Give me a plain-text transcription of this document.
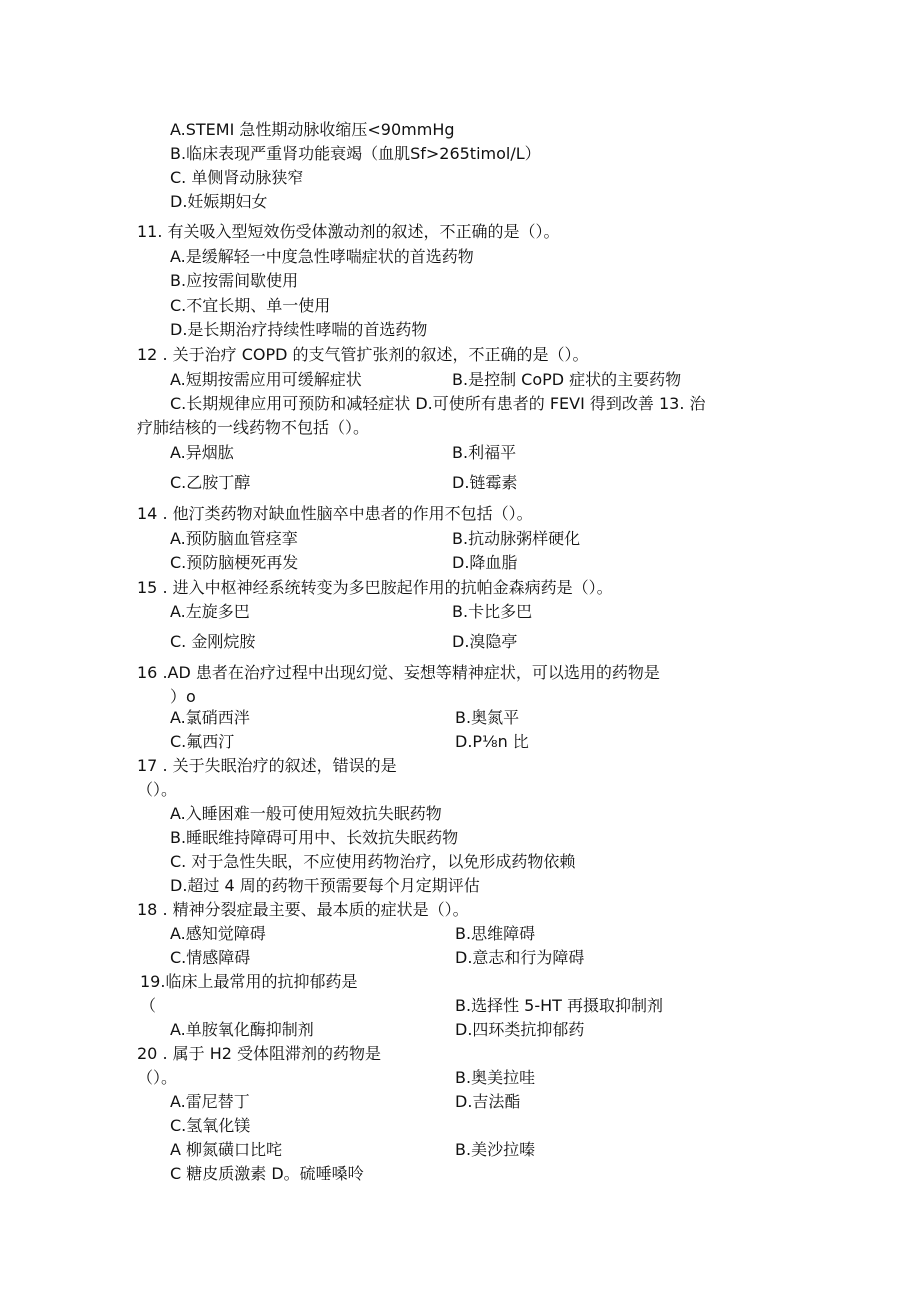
A.STEMI 急性期动脉收缩压<90mmHg
B.临床表现严重肾功能衰竭（血肌Sf>265timol/L）
C. 单侧肾动脉狭窄
D.妊娠期妇女
11. 有关吸入型短效伤受体激动剂的叙述，不正确的是（）。
A.是缓解轻一中度急性哮喘症状的首选药物
B.应按需间歇使用
C.不宜长期、单一使用
D.是长期治疗持续性哮喘的首选药物
12 . 关于治疗 COPD 的支气管扩张剂的叙述，不正确的是（）。
A.短期按需应用可缓解症状	B.是控制 CoPD 症状的主要药物
C.长期规律应用可预防和减轻症状 D.可使所有患者的 FEVI 得到改善 13. 治
疗肺结核的一线药物不包括（）。
A.异烟肱	B.利福平
C.乙胺丁醇	D.链霉素
14 . 他汀类药物对缺血性脑卒中患者的作用不包括（）。
A.预防脑血管痉挛	B.抗动脉粥样硬化
C.预防脑梗死再发	D.降血脂
15 . 进入中枢神经系统转变为多巴胺起作用的抗帕金森病药是（）。
A.左旋多巴	B.卡比多巴
C. 金刚烷胺	D.溴隐亭
16 .AD 患者在治疗过程中出现幻觉、妄想等精神症状，可以选用的药物是
）o
A.氯硝西泮	B.奥氮平
C.氟西汀	D.P⅛n 比
17 . 关于失眠治疗的叙述，错误的是
（）。
A.入睡困难一般可使用短效抗失眠药物
B.睡眠维持障碍可用中、长效抗失眠药物
C. 对于急性失眠，不应使用药物治疗，以免形成药物依赖
D.超过 4 周的药物干预需要每个月定期评估
18 . 精神分裂症最主要、最本质的症状是（）。
A.感知觉障碍	B.思维障碍
C.情感障碍	D.意志和行为障碍
19.临床上最常用的抗抑郁药是
（	B.选择性 5-HT 再摄取抑制剂
A.单胺氧化酶抑制剂	D.四环类抗抑郁药
20 . 属于 H2 受体阻滞剂的药物是
（）。	B.奥美拉哇
A.雷尼替丁	D.吉法酯
C.氢氧化镁
A 柳氮磺口比咤	B.美沙拉嗪
C 糖皮质激素 D。硫唾嗓呤
